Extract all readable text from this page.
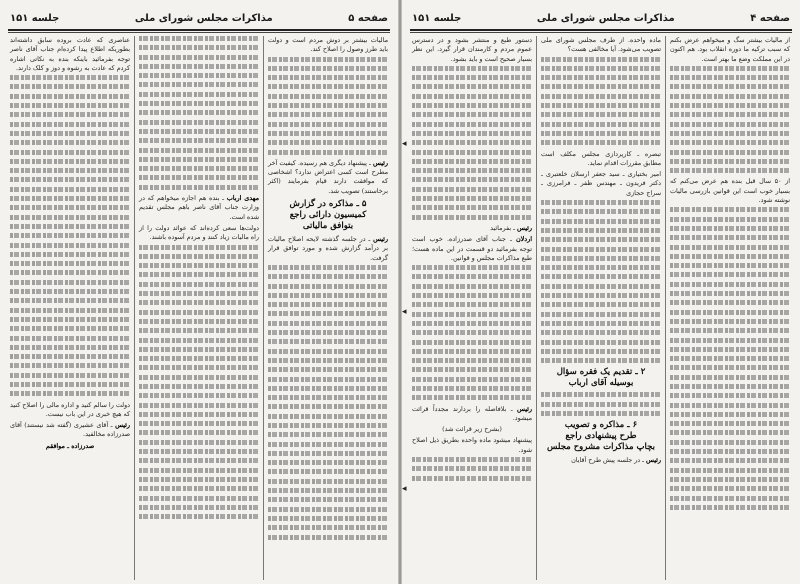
صفحه ۵
مذاکرات مجلس شورای ملی
جلسه ۱۵۱

مالیات بیشتر بر دوش مردم است و دولت باید طرز وصول را اصلاح کند.

رئیس ـ پیشنهاد دیگری هم رسیده. کیفیت آخر مطرح است کسی اعتراض ندارد؟ اشخاصی که موافقت دارند قیام بفرمایند (اکثر برخاستند) تصویب شد.

۵ ـ مذاکره در گزارش
کمیسیون دارائی راجع
بتوافق مالیاتی

رئیس ـ در جلسه گذشته لایحه اصلاح مالیات بر درآمد گزارش شده و مورد توافق قرار گرفت.

مهدی ارباب ـ بنده هم اجازه میخواهم که در وزارت جناب آقای ناصر باهم مجلس تقدیم شده است.

دولت‌ها سعی کرده‌اند که عوائد دولت را از راه مالیات زیاد کنند و مردم آسوده باشند.

عناصری که عادت بروده سابق داشته‌اند بطوریکه اطلاع پیدا کرده‌ام جناب آقای ناصر توجه بفرمائید باینکه بنده به نکاتی اشاره کردم که عادت به رشوه و دوز و کلک دارند.

دولت را سالم کنید و اداره مالی را اصلاح کنید که هیچ خبری در این باب نیست.

رئیس ـ آقای عشیری (گفته شد نیستند) آقای صدرزاده مخالفید.

صدرزاده ـ موافقم

صفحه ۴
مذاکرات مجلس شورای ملی
جلسه ۱۵۱

از مالیات بیشتر سگ و میخواهم عرض بکنم که سبب ترکیه ما دوره انقلاب بود. هم اکنون در این مملکت وضع ما بهتر است.

از ۵۰ سال قبل بنده هم عرض می‌کنم که بسیار خوب است این قوانین بازرسی مالیات نوشته شود.

ماده واحده. از طرف مجلس شورای ملی تصویب می‌شود. آیا مخالفی هست؟

تبصره ـ کارپردازی مجلس مکلف است مطابق مقررات اقدام نماید.

امیر بختیاری ـ سید جعفر ارسلان خلعتبری ـ دکتر فریدون ـ مهندس ظفر ـ فرامرزی ـ سراج حجازی

۲ ـ تقدیم یک فقره سؤال
بوسیله آقای ارباب
۶ ـ مذاکره و تصویب
طرح پیشنهادی راجع
بچاپ مذاکرات مشروح مجلس

رئیس ـ در جلسه پیش طرح آقایان

دستور طبع و منتشر بشود و در دسترس عموم مردم و کارمندان قرار گیرد. این نظر بسیار صحیح است و باید بشود.

رئیس ـ بفرمائید

اردلان ـ جناب آقای صدرزاده. خوب است توجه بفرمائید دو قسمت در این ماده هست؛ طبع مذاکرات مجلس و قوانین.

رئیس ـ بلافاصله را بردارند مجدداً قرائت میشود.

(بشرح زیر قرائت شد)

پیشنهاد میشود ماده واحده بطریق ذیل اصلاح شود.

◂
◂
◂
